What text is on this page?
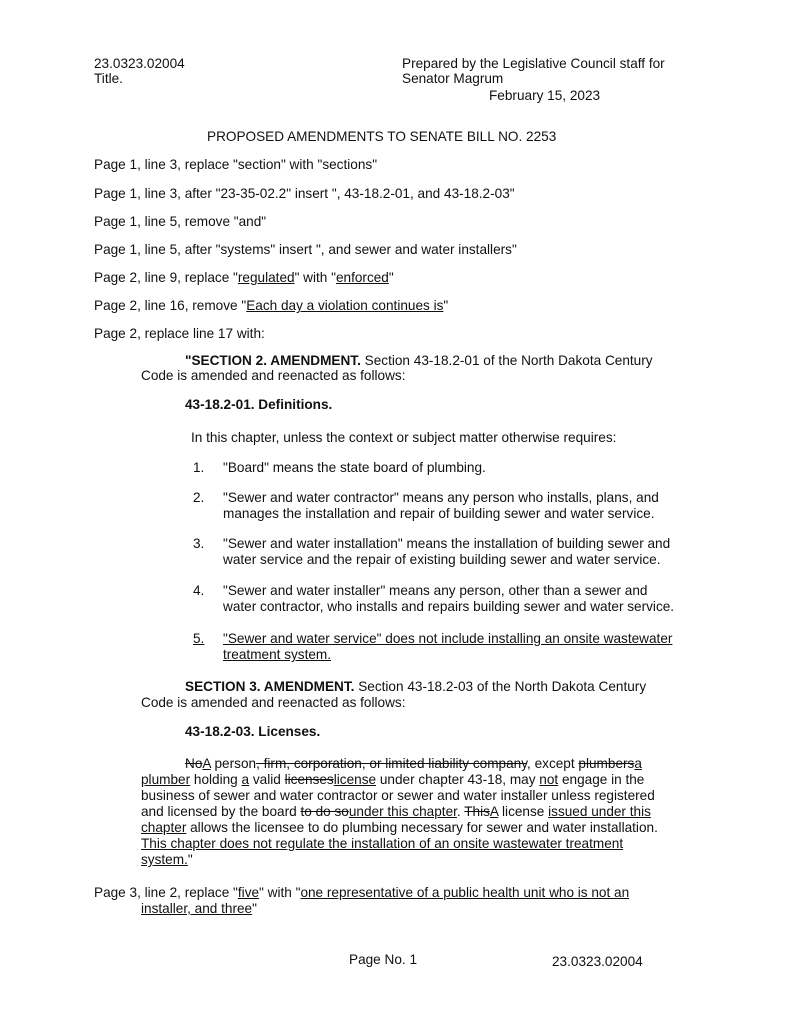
23.0323.02004
Title.
Prepared by the Legislative Council staff for
Senator Magrum
February 15, 2023
PROPOSED AMENDMENTS TO SENATE BILL NO. 2253
Page 1, line 3, replace "section" with "sections"
Page 1, line 3, after "23-35-02.2" insert ", 43-18.2-01, and 43-18.2-03"
Page 1, line 5, remove "and"
Page 1, line 5, after "systems" insert ", and sewer and water installers"
Page 2, line 9, replace "regulated" with "enforced"
Page 2, line 16, remove "Each day a violation continues is"
Page 2, replace line 17 with:
"SECTION 2. AMENDMENT. Section 43-18.2-01 of the North Dakota Century
Code is amended and reenacted as follows:
43-18.2-01. Definitions.
In this chapter, unless the context or subject matter otherwise requires:
1. "Board" means the state board of plumbing.
2. "Sewer and water contractor" means any person who installs, plans, and
manages the installation and repair of building sewer and water service.
3. "Sewer and water installation" means the installation of building sewer and
water service and the repair of existing building sewer and water service.
4. "Sewer and water installer" means any person, other than a sewer and
water contractor, who installs and repairs building sewer and water service.
5. "Sewer and water service" does not include installing an onsite wastewater
treatment system.
SECTION 3. AMENDMENT. Section 43-18.2-03 of the North Dakota Century
Code is amended and reenacted as follows:
43-18.2-03. Licenses.
NoA person, firm, corporation, or limited liability company, except plumbersa
plumber holding a valid licenseslicense under chapter 43-18, may not engage in the
business of sewer and water contractor or sewer and water installer unless registered
and licensed by the board to do sounder this chapter. ThisA license issued under this
chapter allows the licensee to do plumbing necessary for sewer and water installation.
This chapter does not regulate the installation of an onsite wastewater treatment
system."
Page 3, line 2, replace "five" with "one representative of a public health unit who is not an
installer, and three"
Page No. 1	23.0323.02004
